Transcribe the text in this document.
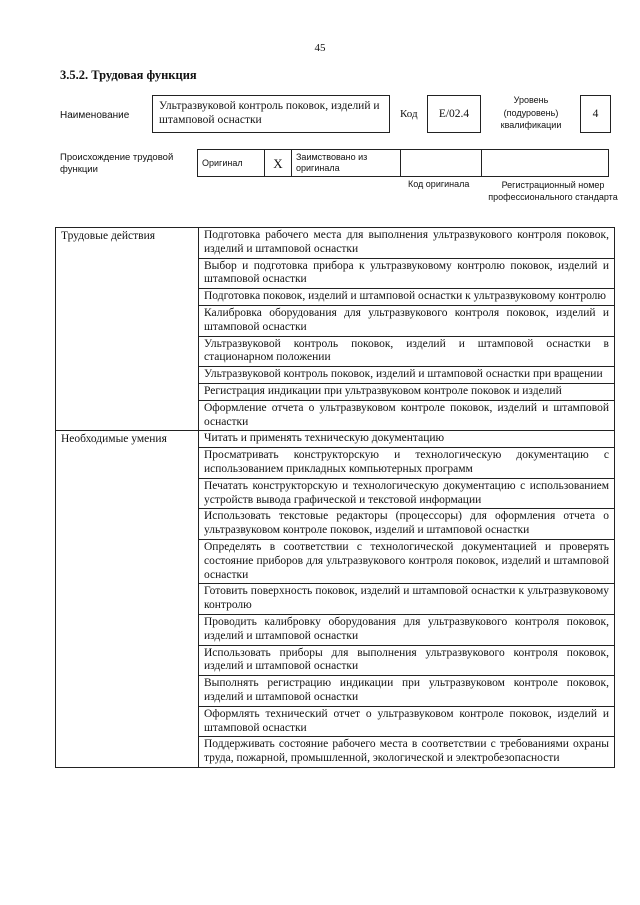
45
3.5.2. Трудовая функция
Наименование
Ультразвуковой контроль поковок, изделий и штамповой оснастки	Код	E/02.4
Уровень (подуровень) квалификации
4
Происхождение трудовой функции
Оригинал	X	Заимствовано из оригинала		
Код оригинала	Регистрационный номер профессионального стандарта
Трудовые действия	Подготовка рабочего места для выполнения ультразвукового контроля поковок, изделий и штамповой оснастки
	Выбор и подготовка прибора к ультразвуковому контролю поковок, изделий и штамповой оснастки
	Подготовка поковок, изделий и штамповой оснастки к ультразвуковому контролю
	Калибровка оборудования для ультразвукового контроля поковок, изделий и штамповой оснастки
	Ультразвуковой контроль поковок, изделий и штамповой оснастки в стационарном положении
	Ультразвуковой контроль поковок, изделий и штамповой оснастки при вращении
	Регистрация индикации при ультразвуковом контроле поковок и изделий
	Оформление отчета о ультразвуковом контроле поковок, изделий и штамповой оснастки
Необходимые умения	Читать и применять техническую документацию
	Просматривать конструкторскую и технологическую документацию с использованием прикладных компьютерных программ
	Печатать конструкторскую и технологическую документацию с использованием устройств вывода графической и текстовой информации
	Использовать текстовые редакторы (процессоры) для оформления отчета о ультразвуковом контроле поковок, изделий и штамповой оснастки
	Определять в соответствии с технологической документацией и проверять состояние приборов для ультразвукового контроля поковок, изделий и штамповой оснастки
	Готовить поверхность поковок, изделий и штамповой оснастки к ультразвуковому контролю
	Проводить калибровку оборудования для ультразвукового контроля поковок, изделий и штамповой оснастки
	Использовать приборы для выполнения ультразвукового контроля поковок, изделий и штамповой оснастки
	Выполнять регистрацию индикации при ультразвуковом контроле поковок, изделий и штамповой оснастки
	Оформлять технический отчет о ультразвуковом контроле поковок, изделий и штамповой оснастки
	Поддерживать состояние рабочего места в соответствии с требованиями охраны труда, пожарной, промышленной, экологической и электробезопасности
